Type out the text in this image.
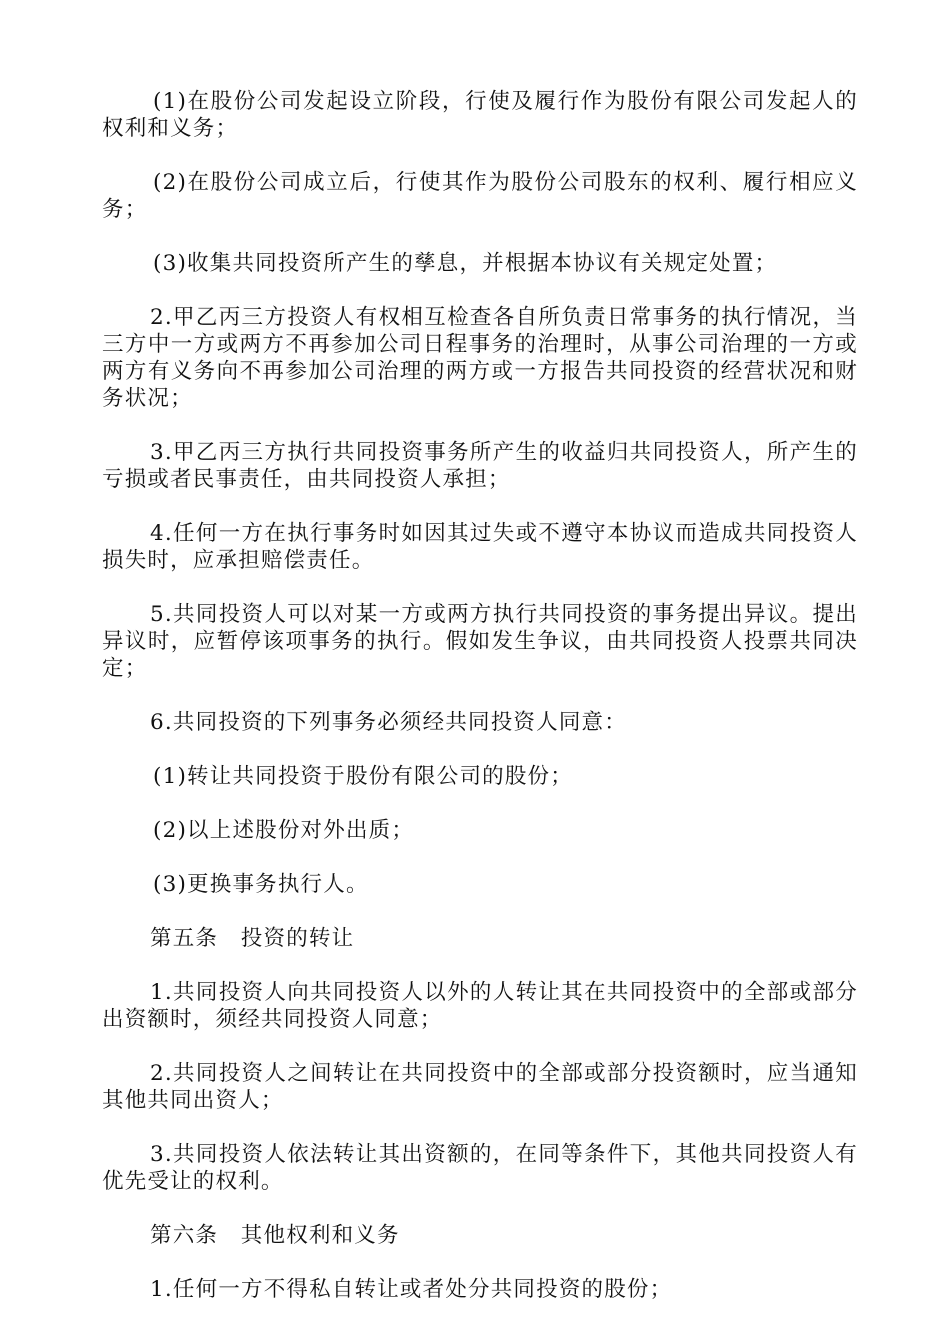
(1)在股份公司发起设立阶段，行使及履行作为股份有限公司发起人的权利和义务；

(2)在股份公司成立后，行使其作为股份公司股东的权利、履行相应义务；

(3)收集共同投资所产生的孳息，并根据本协议有关规定处置；

2.甲乙丙三方投资人有权相互检查各自所负责日常事务的执行情况，当三方中一方或两方不再参加公司日程事务的治理时，从事公司治理的一方或两方有义务向不再参加公司治理的两方或一方报告共同投资的经营状况和财务状况；

3.甲乙丙三方执行共同投资事务所产生的收益归共同投资人，所产生的亏损或者民事责任，由共同投资人承担；

4.任何一方在执行事务时如因其过失或不遵守本协议而造成共同投资人损失时，应承担赔偿责任。

5.共同投资人可以对某一方或两方执行共同投资的事务提出异议。提出异议时，应暂停该项事务的执行。假如发生争议，由共同投资人投票共同决定；

6.共同投资的下列事务必须经共同投资人同意：

(1)转让共同投资于股份有限公司的股份；

(2)以上述股份对外出质；

(3)更换事务执行人。

第五条　投资的转让

1.共同投资人向共同投资人以外的人转让其在共同投资中的全部或部分出资额时，须经共同投资人同意；

2.共同投资人之间转让在共同投资中的全部或部分投资额时，应当通知其他共同出资人；

3.共同投资人依法转让其出资额的，在同等条件下，其他共同投资人有优先受让的权利。

第六条　其他权利和义务

1.任何一方不得私自转让或者处分共同投资的股份；
